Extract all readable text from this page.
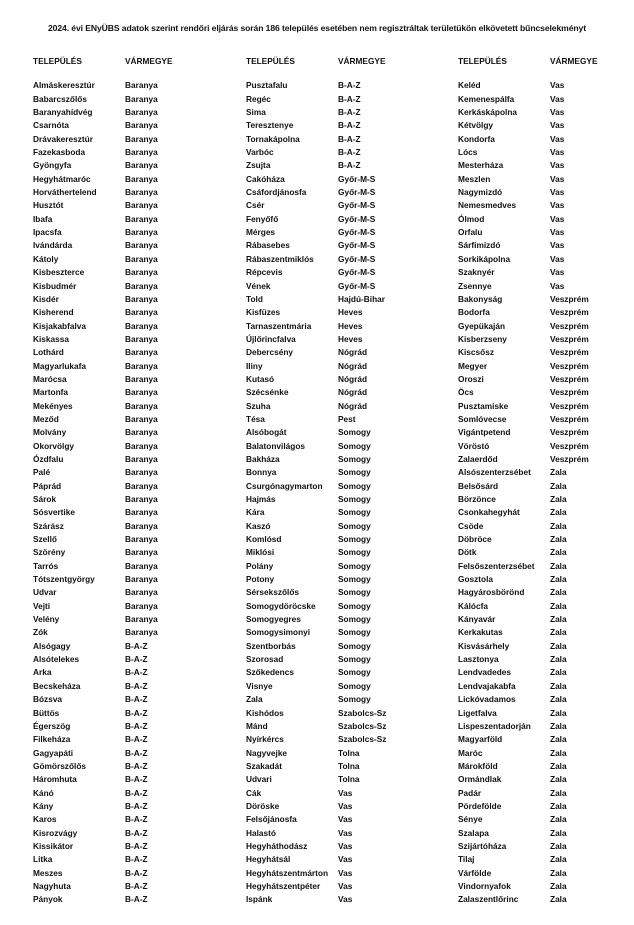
2024. évi ENyÜBS adatok szerint rendőri eljárás során 186 település esetében nem regisztráltak területükön elkövetett bűncselekményt
TELEPÜLÉS	VÁRMEGYE
Almáskeresztúr	Baranya
Babarcszőlős	Baranya
Baranyahídvég	Baranya
Csarnóta	Baranya
Drávakeresztúr	Baranya
Fazekasboda	Baranya
Gyöngyfa	Baranya
Hegyhátmaróc	Baranya
Horváthertelend	Baranya
Husztót	Baranya
Ibafa	Baranya
Ipacsfa	Baranya
Ivándárda	Baranya
Kátoly	Baranya
Kisbeszterce	Baranya
Kisbudmér	Baranya
Kisdér	Baranya
Kisherend	Baranya
Kisjakabfalva	Baranya
Kiskassa	Baranya
Lothárd	Baranya
Magyarlukafa	Baranya
Marócsa	Baranya
Martonfa	Baranya
Mekényes	Baranya
Meződ	Baranya
Molvány	Baranya
Okorvölgy	Baranya
Ózdfalu	Baranya
Palé	Baranya
Páprád	Baranya
Sárok	Baranya
Sósvertike	Baranya
Szárász	Baranya
Szellő	Baranya
Szörény	Baranya
Tarrós	Baranya
Tótszentgyörgy	Baranya
Udvar	Baranya
Vejti	Baranya
Velény	Baranya
Zók	Baranya
Alsógagy	B-A-Z
Alsótelekes	B-A-Z
Arka	B-A-Z
Becskeháza	B-A-Z
Bózsva	B-A-Z
Büttös	B-A-Z
Égerszög	B-A-Z
Filkeháza	B-A-Z
Gagyapáti	B-A-Z
Gömörszőlős	B-A-Z
Háromhuta	B-A-Z
Kánó	B-A-Z
Kány	B-A-Z
Karos	B-A-Z
Kisrozvágy	B-A-Z
Kissikátor	B-A-Z
Litka	B-A-Z
Meszes	B-A-Z
Nagyhuta	B-A-Z
Pányok	B-A-Z
TELEPÜLÉS	VÁRMEGYE
Pusztafalu	B-A-Z
Regéc	B-A-Z
Sima	B-A-Z
Teresztenye	B-A-Z
Tornakápolna	B-A-Z
Varbóc	B-A-Z
Zsujta	B-A-Z
Cakóháza	Győr-M-S
Csáfordjánosfa	Győr-M-S
Csér	Győr-M-S
Fenyőfő	Győr-M-S
Mérges	Győr-M-S
Rábasebes	Győr-M-S
Rábaszentmiklós	Győr-M-S
Répcevis	Győr-M-S
Vének	Győr-M-S
Told	Hajdú-Bihar
Kisfüzes	Heves
Tarnaszentmária	Heves
Újlőrincfalva	Heves
Debercsény	Nógrád
Iliny	Nógrád
Kutasó	Nógrád
Szécsénke	Nógrád
Szuha	Nógrád
Tésa	Pest
Alsóbogát	Somogy
Balatonvilágos	Somogy
Bakháza	Somogy
Bonnya	Somogy
Csurgónagymarton	Somogy
Hajmás	Somogy
Kára	Somogy
Kaszó	Somogy
Komlósd	Somogy
Miklósi	Somogy
Polány	Somogy
Potony	Somogy
Sérsekszőlős	Somogy
Somogydöröcske	Somogy
Somogyegres	Somogy
Somogysimonyi	Somogy
Szentborbás	Somogy
Szorosad	Somogy
Szőkedencs	Somogy
Visnye	Somogy
Zala	Somogy
Kishódos	Szabolcs-Sz
Mánd	Szabolcs-Sz
Nyírkércs	Szabolcs-Sz
Nagyvejke	Tolna
Szakadát	Tolna
Udvari	Tolna
Cák	Vas
Döröske	Vas
Felsőjánosfa	Vas
Halastó	Vas
Hegyháthodász	Vas
Hegyhátsál	Vas
Hegyhátszentmárton	Vas
Hegyhátszentpéter	Vas
Ispánk	Vas
TELEPÜLÉS	VÁRMEGYE
Keléd	Vas
Kemenespálfa	Vas
Kerkáskápolna	Vas
Kétvölgy	Vas
Kondorfa	Vas
Lócs	Vas
Mesterháza	Vas
Meszlen	Vas
Nagymizdó	Vas
Nemesmedves	Vas
Ólmod	Vas
Orfalu	Vas
Sárfimizdó	Vas
Sorkikápolna	Vas
Szaknyér	Vas
Zsennye	Vas
Bakonyság	Veszprém
Bodorfa	Veszprém
Gyepükaján	Veszprém
Kisberzseny	Veszprém
Kiscsősz	Veszprém
Megyer	Veszprém
Oroszi	Veszprém
Öcs	Veszprém
Pusztamiske	Veszprém
Somlóvecse	Veszprém
Vigántpetend	Veszprém
Vöröstó	Veszprém
Zalaerdőd	Veszprém
Alsószenterzsébet	Zala
Belsősárd	Zala
Börzönce	Zala
Csonkahegyhát	Zala
Csöde	Zala
Döbröce	Zala
Dötk	Zala
Felsőszenterzsébet	Zala
Gosztola	Zala
Hagyárosbörönd	Zala
Kálócfa	Zala
Kányavár	Zala
Kerkakutas	Zala
Kisvásárhely	Zala
Lasztonya	Zala
Lendvadedes	Zala
Lendvajakabfa	Zala
Lickóvadamos	Zala
Ligetfalva	Zala
Lispeszentadorján	Zala
Magyarföld	Zala
Maróc	Zala
Márokföld	Zala
Ormándlak	Zala
Padár	Zala
Pördefölde	Zala
Sénye	Zala
Szalapa	Zala
Szijártóháza	Zala
Tilaj	Zala
Várfölde	Zala
Vindornyafok	Zala
Zalaszentlőrinc	Zala
